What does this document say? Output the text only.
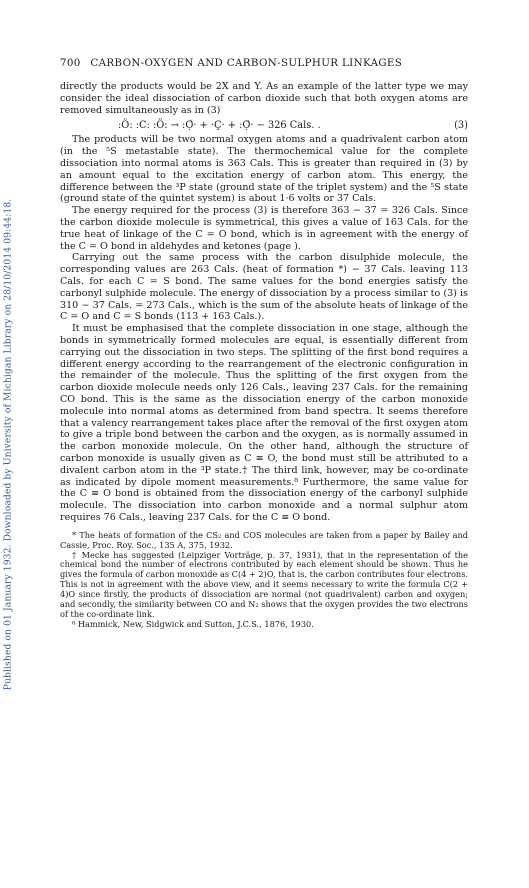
Published on 01 January 1932. Downloaded by University of Michigan Library on 28/10/2014 09:44:18.
700 CARBON-OXYGEN AND CARBON-SULPHUR LINKAGES

directly the products would be 2X and Y. As an example of the latter type we may consider the ideal dissociation of carbon dioxide such that both oxygen atoms are removed simultaneously as in (3)

:Ö: :C: :Ö: → :Ọ̈· + ·Ç· + :Ọ̈· − 326 Cals. .	(3)

The products will be two normal oxygen atoms and a quadrivalent carbon atom (in the ⁵S metastable state). The thermochemical value for the complete dissociation into normal atoms is 363 Cals. This is greater than required in (3) by an amount equal to the excitation energy of carbon atom. This energy, the difference between the ³P state (ground state of the triplet system) and the ⁵S state (ground state of the quintet system) is about 1·6 volts or 37 Cals.

The energy required for the process (3) is therefore 363 − 37 = 326 Cals. Since the carbon dioxide molecule is symmetrical, this gives a value of 163 Cals. for the true heat of linkage of the C = O bond, which is in agreement with the energy of the C = O bond in aldehydes and ketones (page ).

Carrying out the same process with the carbon disulphide molecule, the corresponding values are 263 Cals. (heat of formation *) − 37 Cals. leaving 113 Cals. for each C = S bond. The same values for the bond energies satisfy the carbonyl sulphide molecule. The energy of dissociation by a process similar to (3) is 310 − 37 Cals. = 273 Cals., which is the sum of the absolute heats of linkage of the C = O and C = S bonds (113 + 163 Cals.).

It must be emphasised that the complete dissociation in one stage, although the bonds in symmetrically formed molecules are equal, is essentially different from carrying out the dissociation in two steps. The splitting of the first bond requires a different energy according to the rearrangement of the electronic configuration in the remainder of the molecule. Thus the splitting of the first oxygen from the carbon dioxide molecule needs only 126 Cals., leaving 237 Cals. for the remaining CO bond. This is the same as the dissociation energy of the carbon monoxide molecule into normal atoms as determined from band spectra. It seems therefore that a valency rearrangement takes place after the removal of the first oxygen atom to give a triple bond between the carbon and the oxygen, as is normally assumed in the carbon monoxide molecule. On the other hand, although the structure of carbon monoxide is usually given as C ≡ O, the bond must still be attributed to a divalent carbon atom in the ³P state.† The third link, however, may be co-ordinate as indicated by dipole moment measurements.⁸ Furthermore, the same value for the C ≡ O bond is obtained from the dissociation energy of the carbonyl sulphide molecule. The dissociation into carbon monoxide and a normal sulphur atom requires 76 Cals., leaving 237 Cals. for the C ≡ O bond.

* The heats of formation of the CS₂ and COS molecules are taken from a paper by Bailey and Cassie, Proc. Roy. Soc., 135 A, 375, 1932.

† Mecke has suggested (Leipziger Vorträge, p. 37, 1931), that in the representation of the chemical bond the number of electrons contributed by each element should be shown. Thus he gives the formula of carbon monoxide as C(4 + 2)O, that is, the carbon contributes four electrons. This is not in agreement with the above view, and it seems necessary to write the formula C(2 + 4)O since firstly, the products of dissociation are normal (not quadrivalent) carbon and oxygen; and secondly, the similarity between CO and N₂ shows that the oxygen provides the two electrons of the co-ordinate link.

⁸ Hammick, New, Sidgwick and Sutton, J.C.S., 1876, 1930.
